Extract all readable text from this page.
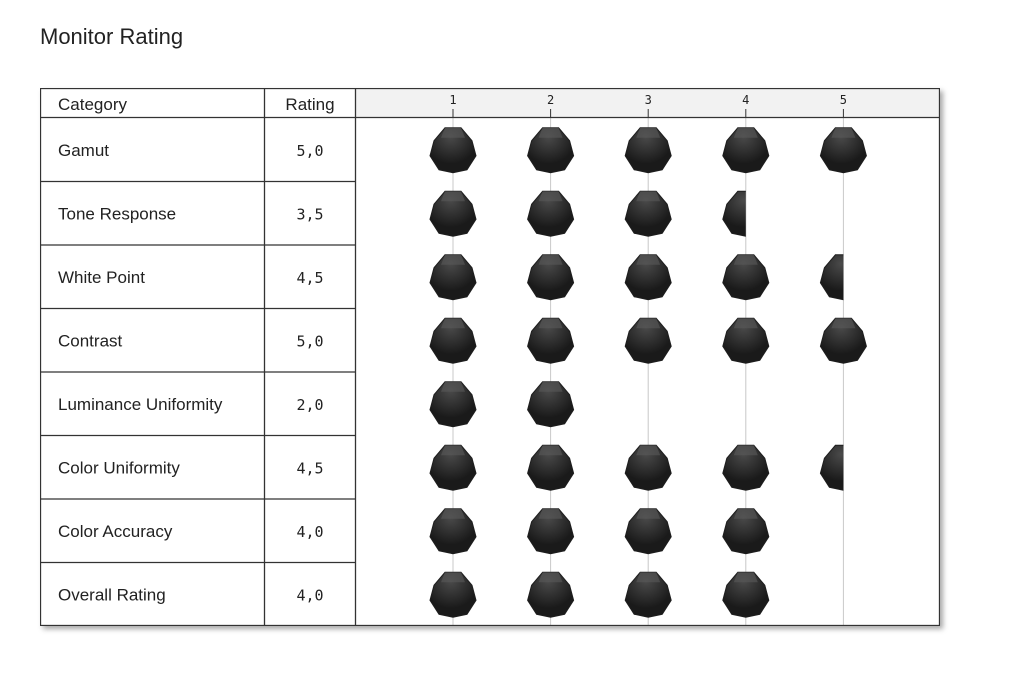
Monitor Rating
Category	Rating	1	2	3	4	5
Gamut	5,0
Tone Response	3,5
White Point	4,5
Contrast	5,0
Luminance Uniformity	2,0
Color Uniformity	4,5
Color Accuracy	4,0
Overall Rating	4,0
